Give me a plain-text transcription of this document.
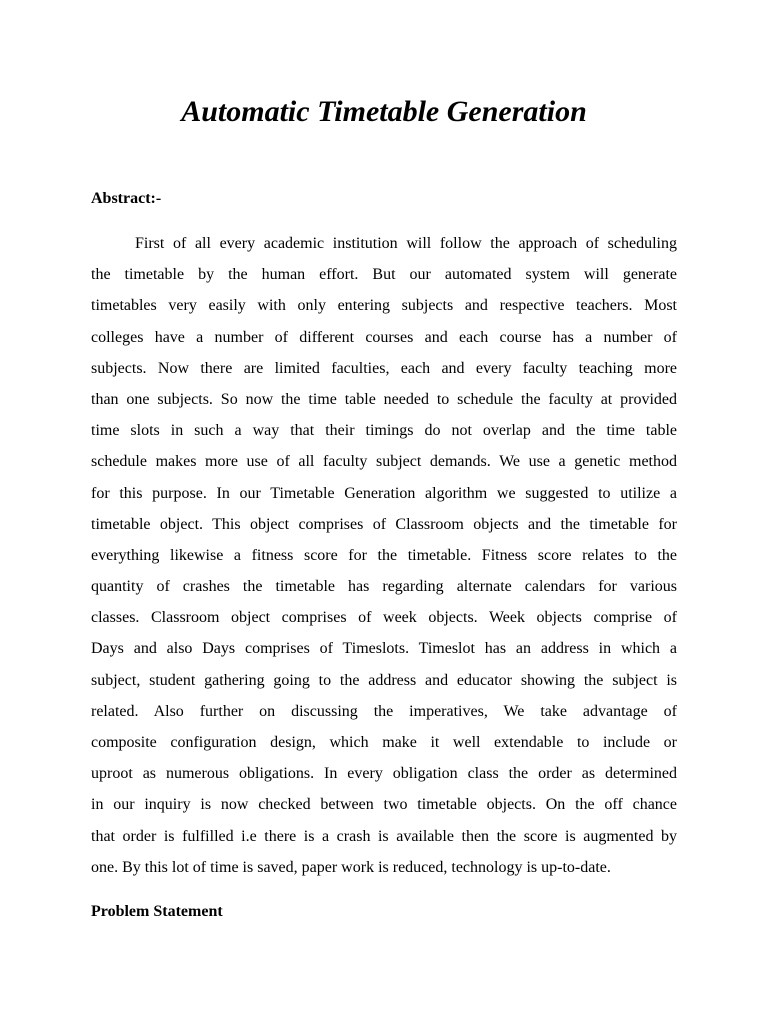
Automatic Timetable Generation
Abstract:-
First of all every academic institution will follow the approach of scheduling
the timetable by the human effort. But our automated system will generate
timetables very easily with only entering subjects and respective teachers. Most
colleges have a number of different courses and each course has a number of
subjects. Now there are limited faculties, each and every faculty teaching more
than one subjects. So now the time table needed to schedule the faculty at provided
time slots in such a way that their timings do not overlap and the time table
schedule makes more use of all faculty subject demands. We use a genetic method
for this purpose. In our Timetable Generation algorithm we suggested to utilize a
timetable object. This object comprises of Classroom objects and the timetable for
everything likewise a fitness score for the timetable. Fitness score relates to the
quantity of crashes the timetable has regarding alternate calendars for various
classes. Classroom object comprises of week objects. Week objects comprise of
Days and also Days comprises of Timeslots. Timeslot has an address in which a
subject, student gathering going to the address and educator showing the subject is
related. Also further on discussing the imperatives, We take advantage of
composite configuration design, which make it well extendable to include or
uproot as numerous obligations. In every obligation class the order as determined
in our inquiry is now checked between two timetable objects. On the off chance
that order is fulfilled i.e there is a crash is available then the score is augmented by
one. By this lot of time is saved, paper work is reduced, technology is up-to-date.
Problem Statement
